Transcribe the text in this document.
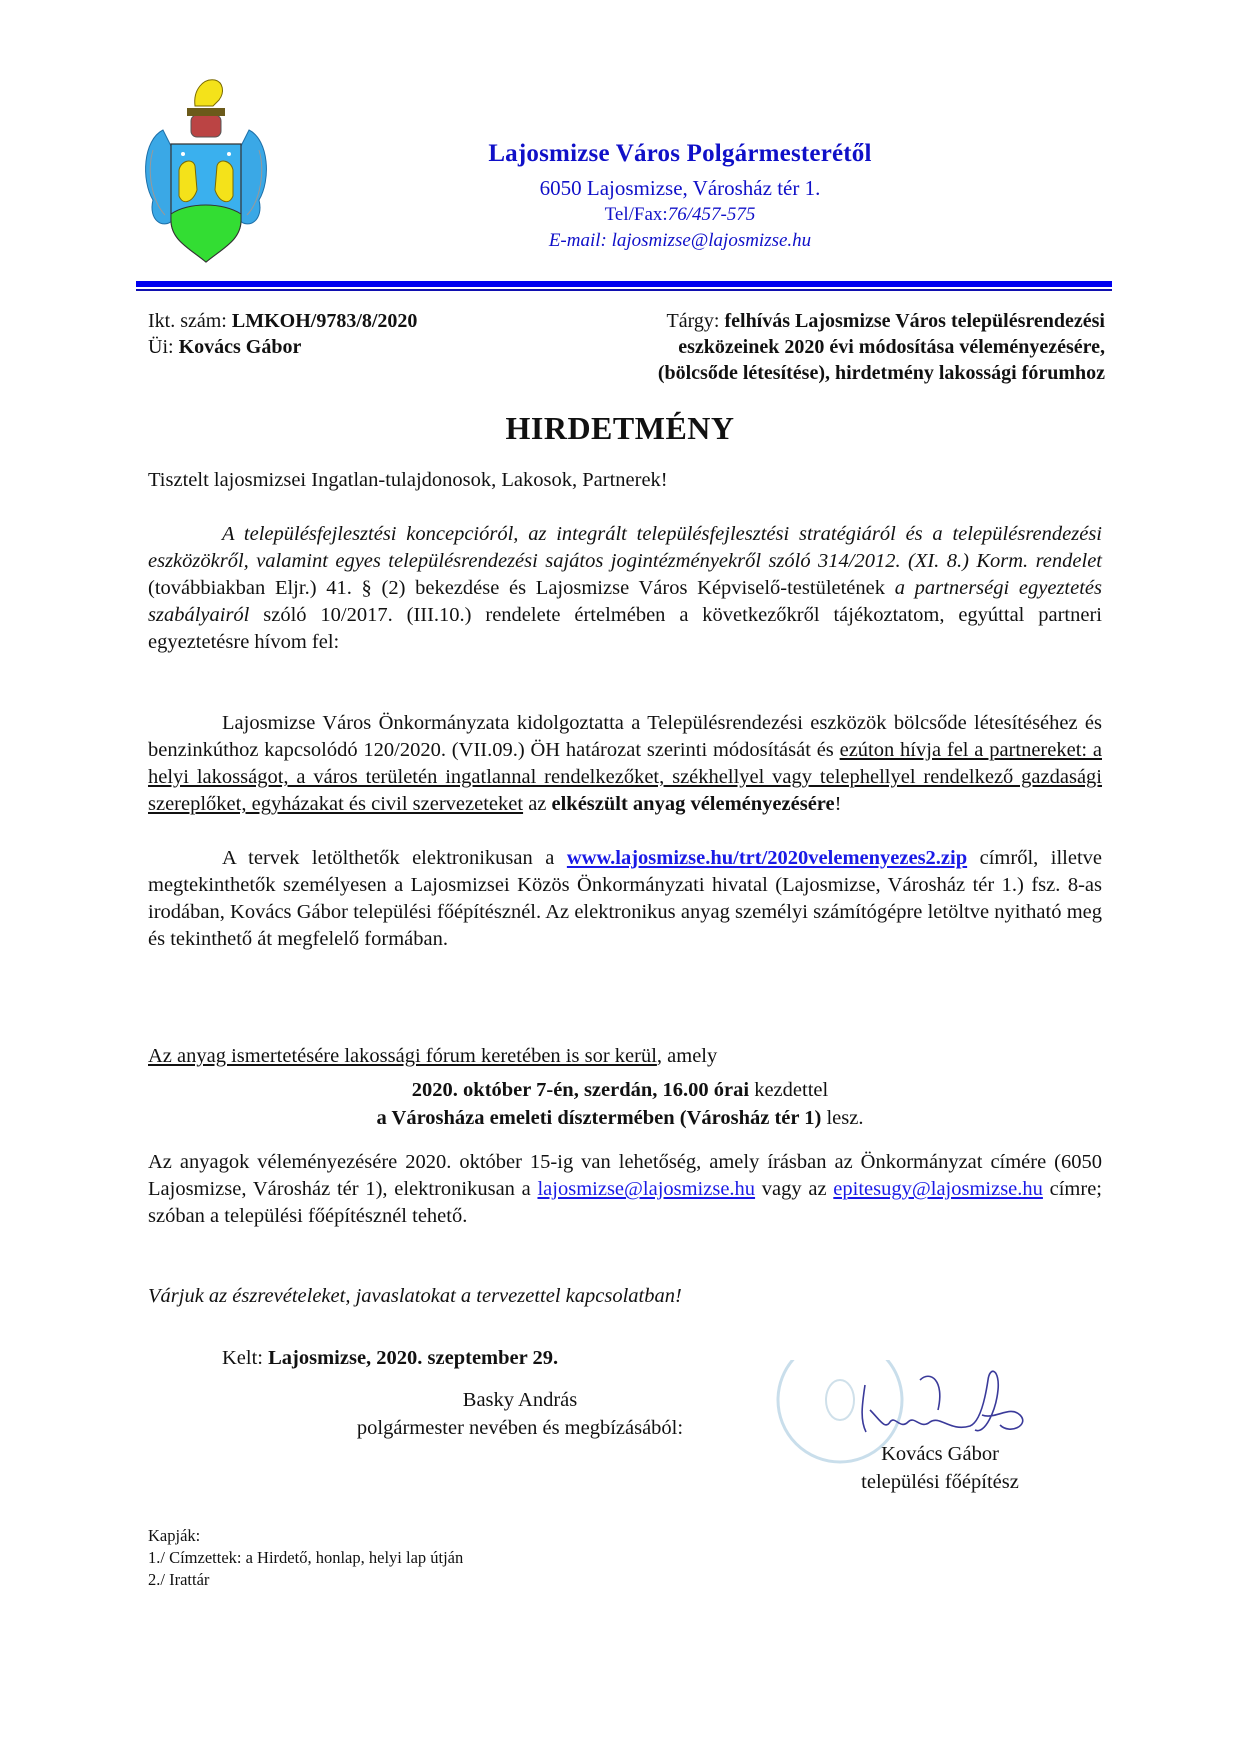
Lajosmizse Város Polgármesterétől
6050 Lajosmizse, Városház tér 1.
Tel/Fax:76/457-575
E-mail: lajosmizse@lajosmizse.hu
Ikt. szám: LMKOH/9783/8/2020
Üi: Kovács Gábor
Tárgy: felhívás Lajosmizse Város településrendezési
eszközeinek 2020 évi módosítása véleményezésére,
(bölcsőde létesítése), hirdetmény lakossági fórumhoz
HIRDETMÉNY
Tisztelt lajosmizsei Ingatlan-tulajdonosok, Lakosok, Partnerek!
A településfejlesztési koncepcióról, az integrált településfejlesztési stratégiáról és a településrendezési eszközökről, valamint egyes településrendezési sajátos jogintézményekről szóló 314/2012. (XI. 8.) Korm. rendelet (továbbiakban Eljr.) 41. § (2) bekezdése és Lajosmizse Város Képviselő-testületének a partnerségi egyeztetés szabályairól szóló 10/2017. (III.10.) rendelete értelmében a következőkről tájékoztatom, egyúttal partneri egyeztetésre hívom fel:
Lajosmizse Város Önkormányzata kidolgoztatta a Településrendezési eszközök bölcsőde létesítéséhez és benzinkúthoz kapcsolódó 120/2020. (VII.09.) ÖH határozat szerinti módosítását és ezúton hívja fel a partnereket: a helyi lakosságot, a város területén ingatlannal rendelkezőket, székhellyel vagy telephellyel rendelkező gazdasági szereplőket, egyházakat és civil szervezeteket az elkészült anyag véleményezésére!
A tervek letölthetők elektronikusan a www.lajosmizse.hu/trt/2020velemenyezes2.zip címről, illetve megtekinthetők személyesen a Lajosmizsei Közös Önkormányzati hivatal (Lajosmizse, Városház tér 1.) fsz. 8-as irodában, Kovács Gábor települési főépítésznél. Az elektronikus anyag személyi számítógépre letöltve nyitható meg és tekinthető át megfelelő formában.
Az anyag ismertetésére lakossági fórum keretében is sor kerül, amely
2020. október 7-én, szerdán, 16.00 órai kezdettel
a Városháza emeleti dísztermében (Városház tér 1) lesz.
Az anyagok véleményezésére 2020. október 15-ig van lehetőség, amely írásban az Önkormányzat címére (6050 Lajosmizse, Városház tér 1), elektronikusan a lajosmizse@lajosmizse.hu vagy az epitesugy@lajosmizse.hu címre; szóban a települési főépítésznél tehető.
Várjuk az észrevételeket, javaslatokat a tervezettel kapcsolatban!
Kelt: Lajosmizse, 2020. szeptember 29.
Basky András
polgármester nevében és megbízásából:
Kovács Gábor
települési főépítész
Kapják:
1./ Címzettek: a Hirdető, honlap, helyi lap útján
2./ Irattár
